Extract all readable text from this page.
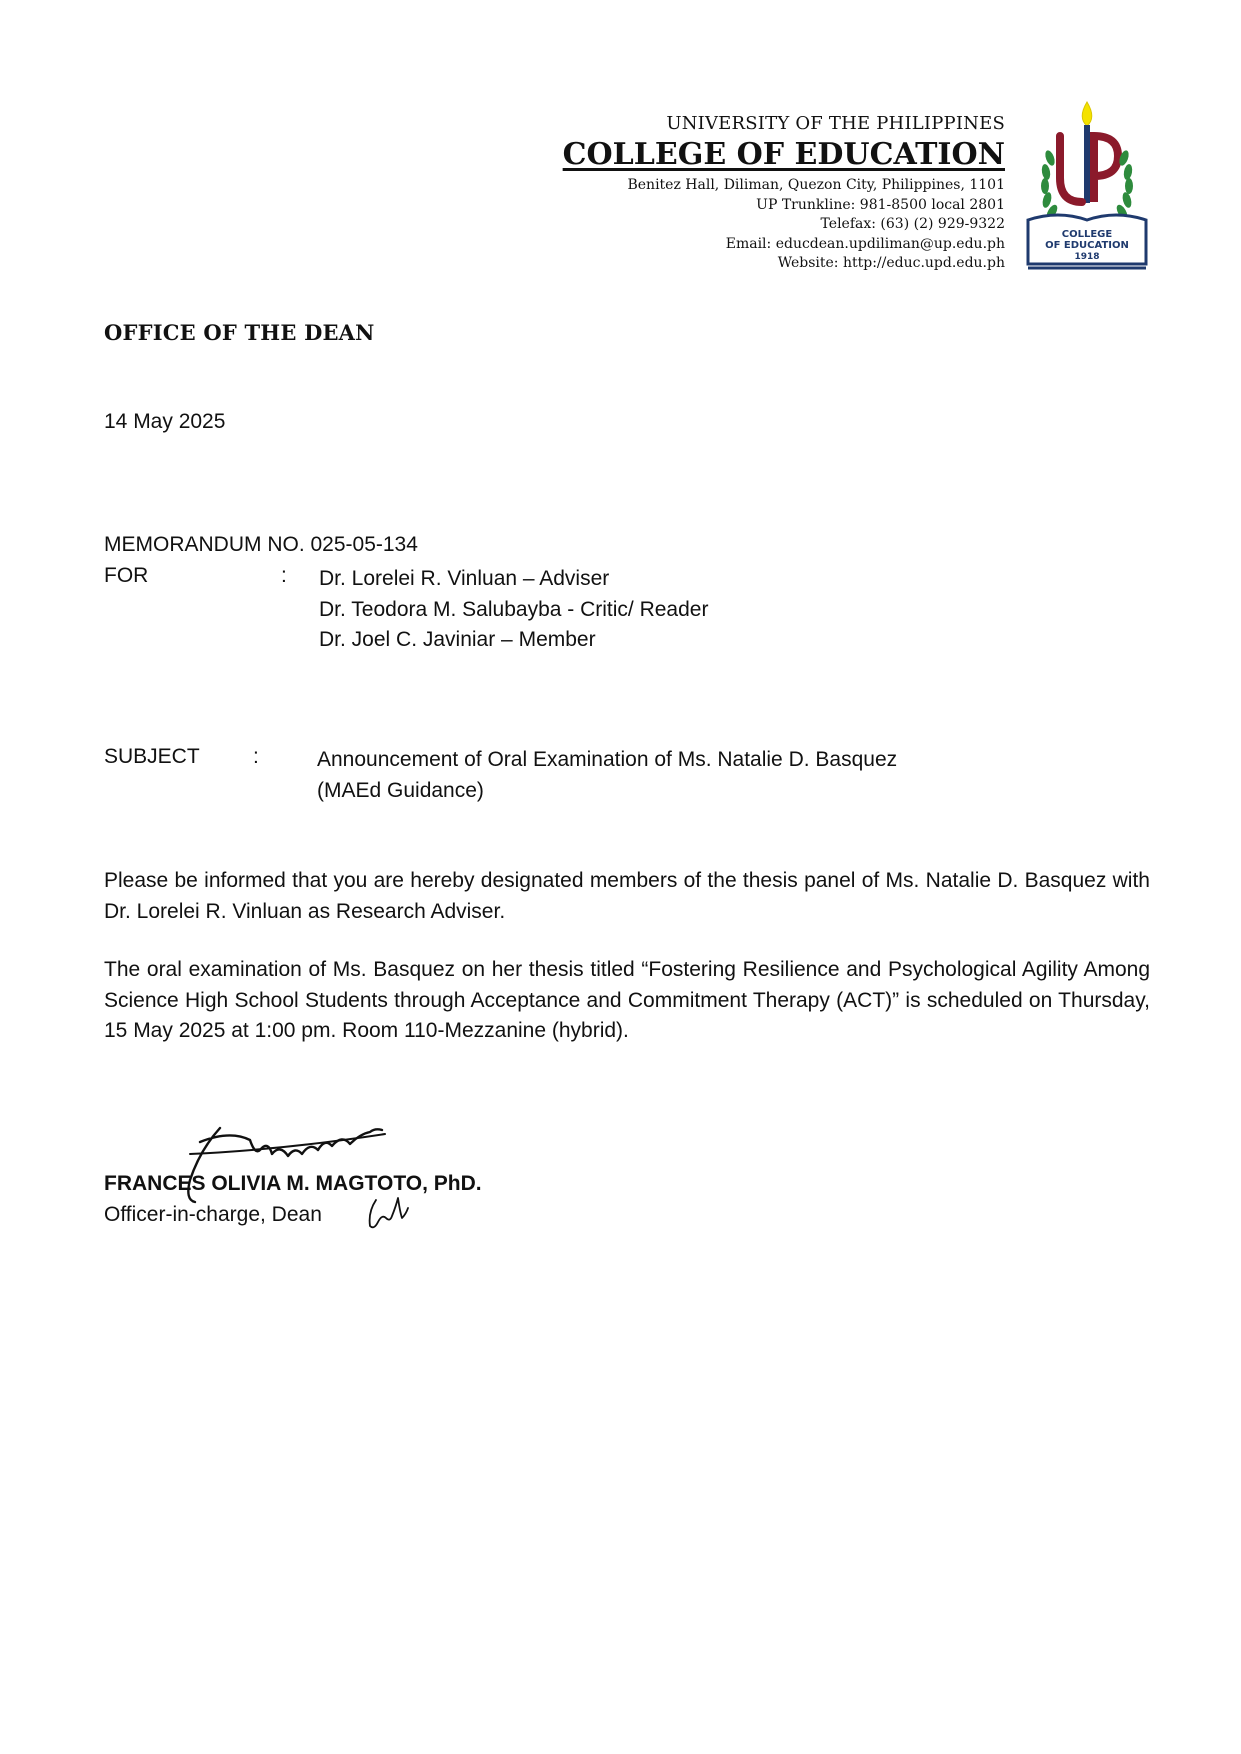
UNIVERSITY OF THE PHILIPPINES
COLLEGE OF EDUCATION
Benitez Hall, Diliman, Quezon City, Philippines, 1101
UP Trunkline: 981-8500 local 2801
Telefax: (63) (2) 929-9322
Email: educdean.updiliman@up.edu.ph
Website: http://educ.upd.edu.ph
COLLEGE
OF EDUCATION
1918
OFFICE OF THE DEAN
14 May 2025
MEMORANDUM NO. 025-05-134
FOR	: Dr. Lorelei R. Vinluan – Adviser
Dr. Teodora M. Salubayba - Critic/ Reader
Dr. Joel C. Javiniar – Member
SUBJECT	:	Announcement of Oral Examination of Ms. Natalie D. Basquez
(MAEd Guidance)
Please be informed that you are hereby designated members of the thesis panel of Ms. Natalie D. Basquez with Dr. Lorelei R. Vinluan as Research Adviser.
The oral examination of Ms. Basquez on her thesis titled “Fostering Resilience and Psychological Agility Among Science High School Students through Acceptance and Commitment Therapy (ACT)” is scheduled on Thursday, 15 May 2025 at 1:00 pm. Room 110-Mezzanine (hybrid).
FRANCES OLIVIA M. MAGTOTO, PhD.
Officer-in-charge, Dean
